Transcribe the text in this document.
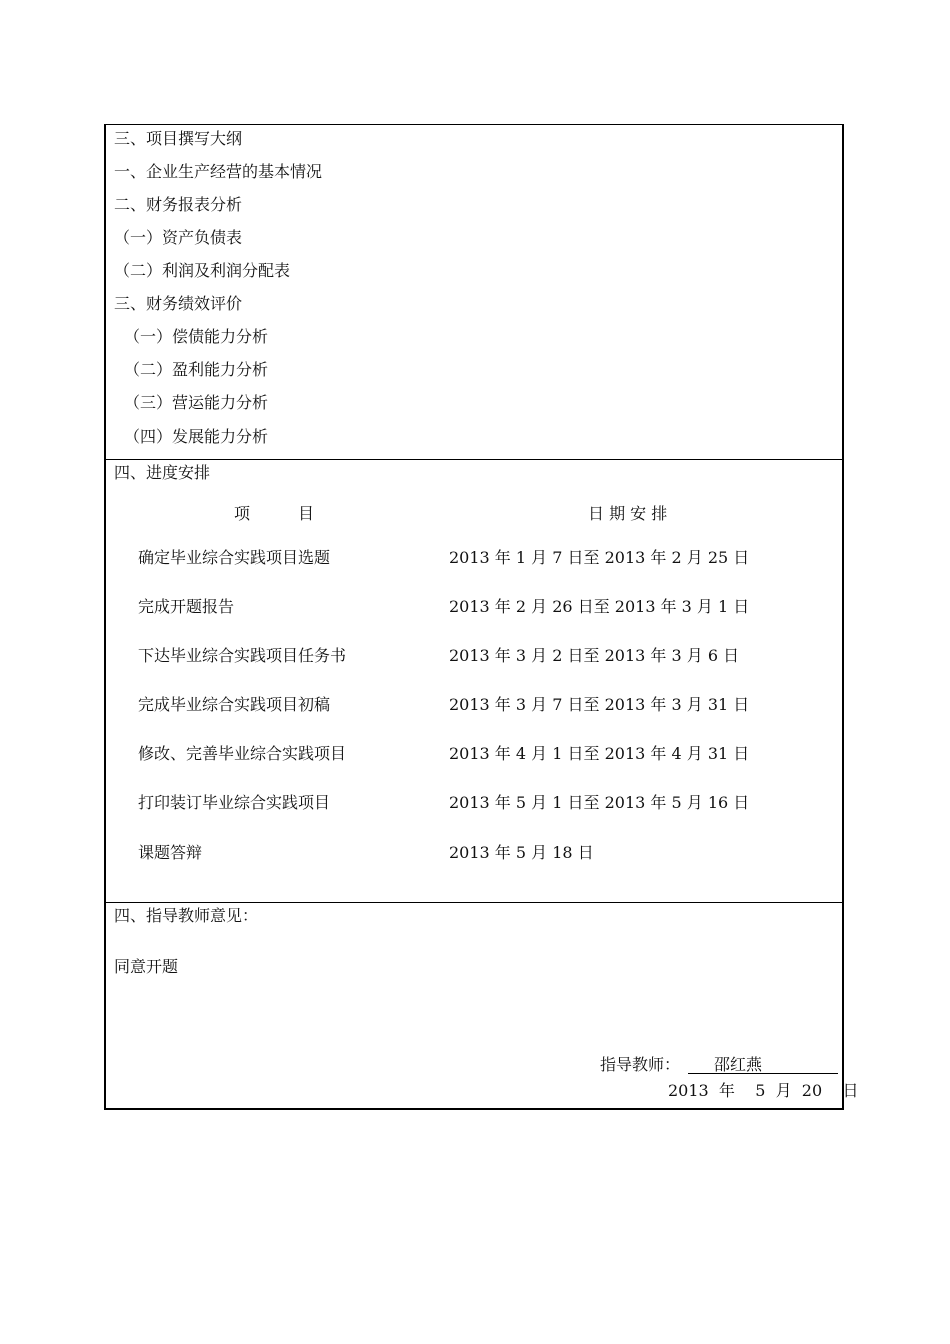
三、项目撰写大纲
一、企业生产经营的基本情况
二、财务报表分析
（一）资产负债表
（二）利润及利润分配表
三、财务绩效评价
（一）偿债能力分析
（二）盈利能力分析
（三）营运能力分析
（四）发展能力分析
四、进度安排
项　　　目	日 期 安 排
确定毕业综合实践项目选题	2013 年 1 月 7 日至 2013 年 2 月 25 日
完成开题报告	2013 年 2 月 26 日至 2013 年 3 月 1 日
下达毕业综合实践项目任务书	2013 年 3 月 2 日至 2013 年 3 月 6 日
完成毕业综合实践项目初稿	2013 年 3 月 7 日至 2013 年 3 月 31 日
修改、完善毕业综合实践项目	2013 年 4 月 1 日至 2013 年 4 月 31 日
打印装订毕业综合实践项目	2013 年 5 月 1 日至 2013 年 5 月 16 日
课题答辩	2013 年 5 月 18 日
四、指导教师意见：
同意开题
指导教师： 邵红燕
2013  年    5  月  20    日
